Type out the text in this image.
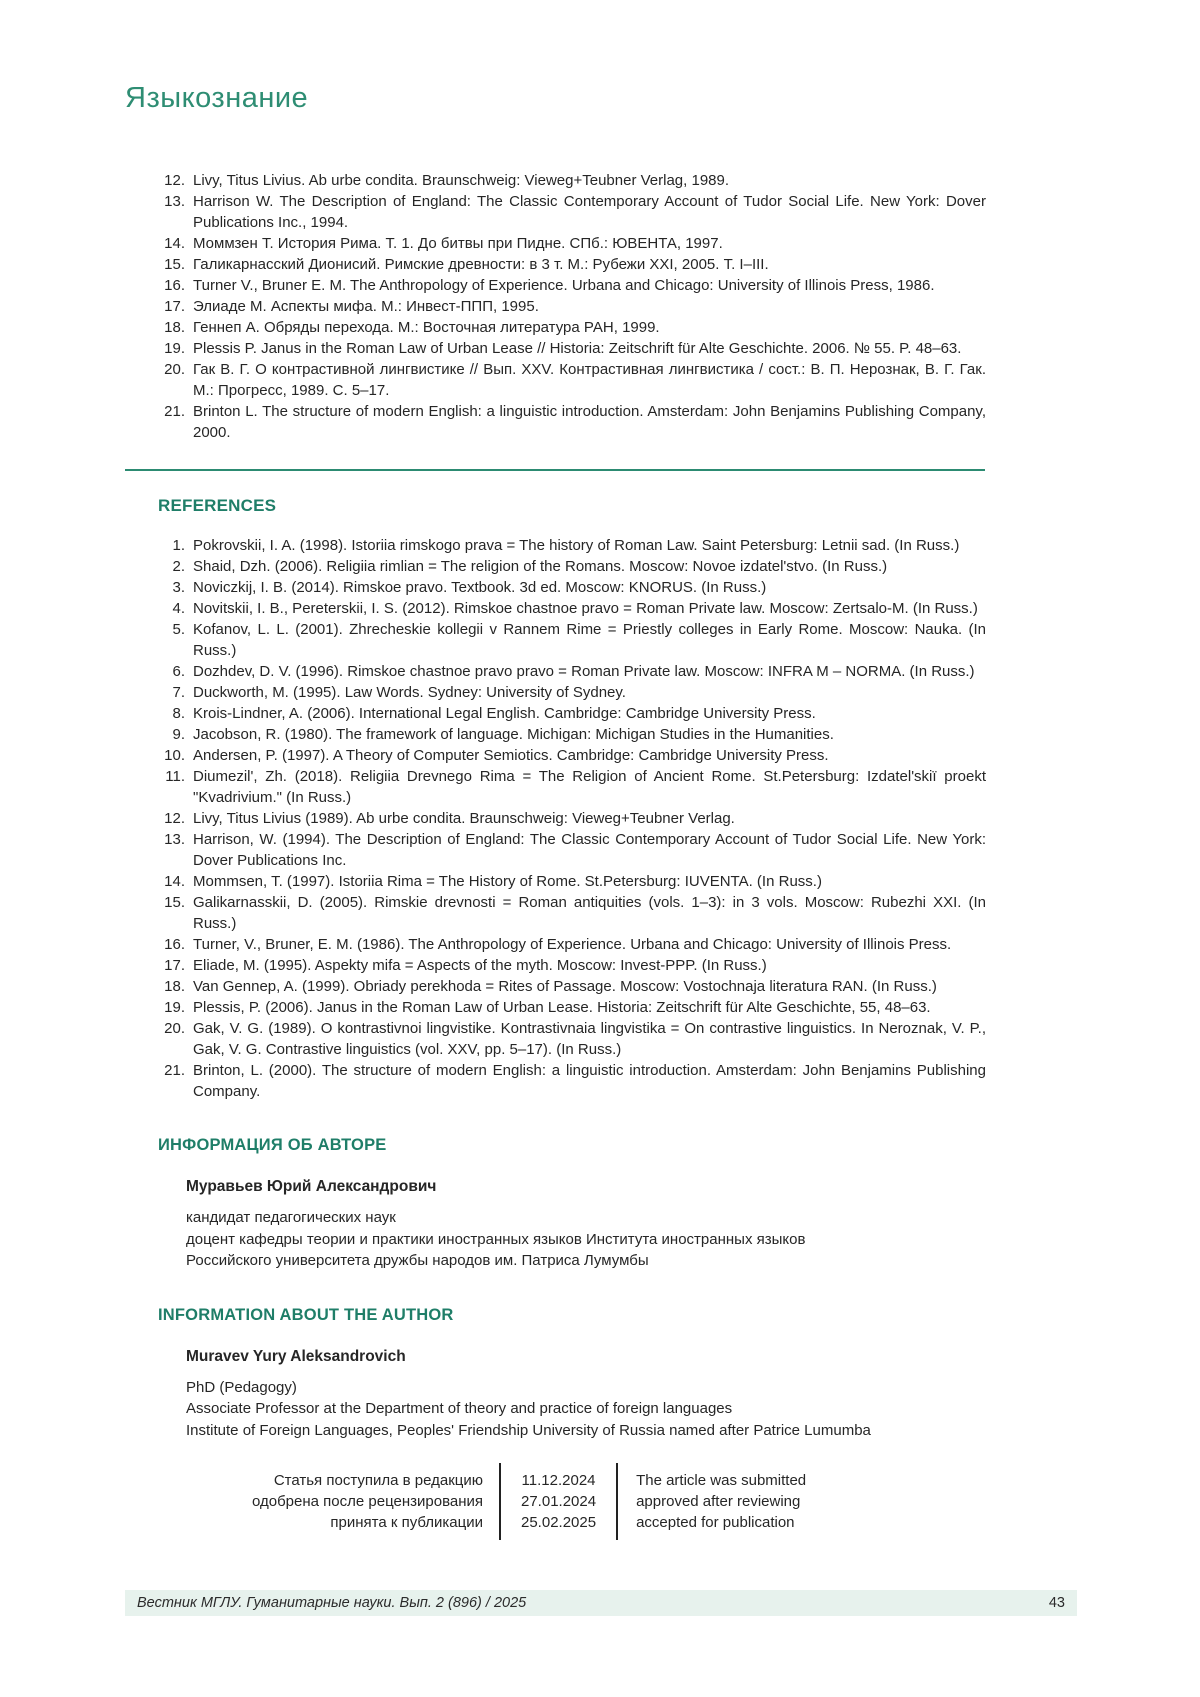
Языкознание
12. Livy, Titus Livius. Ab urbe condita. Braunschweig: Vieweg+Teubner Verlag, 1989.
13. Harrison W. The Description of England: The Classic Contemporary Account of Tudor Social Life. New York: Dover Publications Inc., 1994.
14. Моммзен Т. История Рима. Т. 1. До битвы при Пидне. СПб.: ЮВЕНТА, 1997.
15. Галикарнасский Дионисий. Римские древности: в 3 т. М.: Рубежи XXI, 2005. Т. I–III.
16. Turner V., Bruner E. M. The Anthropology of Experience. Urbana and Chicago: University of Illinois Press, 1986.
17. Элиаде М. Аспекты мифа. М.: Инвест-ППП, 1995.
18. Геннеп А. Обряды перехода. М.: Восточная литература РАН, 1999.
19. Plessis P. Janus in the Roman Law of Urban Lease // Historia: Zeitschrift für Alte Geschichte. 2006. № 55. P. 48–63.
20. Гак В. Г. О контрастивной лингвистике // Вып. XXV. Контрастивная лингвистика / сост.: В. П. Нерознак, В. Г. Гак. М.: Прогресс, 1989. С. 5–17.
21. Brinton L. The structure of modern English: a linguistic introduction. Amsterdam: John Benjamins Publishing Company, 2000.
REFERENCES
1. Pokrovskii, I. A. (1998). Istoriia rimskogo prava = The history of Roman Law. Saint Petersburg: Letnii sad. (In Russ.)
2. Shaid, Dzh. (2006). Religiia rimlian = The religion of the Romans. Moscow: Novoe izdatel'stvo. (In Russ.)
3. Noviczkij, I. B. (2014). Rimskoe pravo. Textbook. 3d ed. Moscow: KNORUS. (In Russ.)
4. Novitskii, I. B., Pereterskii, I. S. (2012). Rimskoe chastnoe pravo = Roman Private law. Moscow: Zertsalo-M. (In Russ.)
5. Kofanov, L. L. (2001). Zhrecheskie kollegii v Rannem Rime = Priestly colleges in Early Rome. Moscow: Nauka. (In Russ.)
6. Dozhdev, D. V. (1996). Rimskoe chastnoe pravo pravo = Roman Private law. Moscow: INFRA M – NORMA. (In Russ.)
7. Duckworth, M. (1995). Law Words. Sydney: University of Sydney.
8. Krois-Lindner, A. (2006). International Legal English. Cambridge: Cambridge University Press.
9. Jacobson, R. (1980). The framework of language. Michigan: Michigan Studies in the Humanities.
10. Andersen, P. (1997). A Theory of Computer Semiotics. Cambridge: Cambridge University Press.
11. Diumezil', Zh. (2018). Religiia Drevnego Rima = The Religion of Ancient Rome. St.Petersburg: Izdatel'skiï proekt "Kvadrivium." (In Russ.)
12. Livy, Titus Livius (1989). Ab urbe condita. Braunschweig: Vieweg+Teubner Verlag.
13. Harrison, W. (1994). The Description of England: The Classic Contemporary Account of Tudor Social Life. New York: Dover Publications Inc.
14. Mommsen, T. (1997). Istoriia Rima = The History of Rome. St.Petersburg: IUVENTA. (In Russ.)
15. Galikarnasskii, D. (2005). Rimskie drevnosti = Roman antiquities (vols. 1–3): in 3 vols. Moscow: Rubezhi XXI. (In Russ.)
16. Turner, V., Bruner, E. M. (1986). The Anthropology of Experience. Urbana and Chicago: University of Illinois Press.
17. Eliade, M. (1995). Aspekty mifa = Aspects of the myth. Moscow: Invest-PPP. (In Russ.)
18. Van Gennep, A. (1999). Obriady perekhoda = Rites of Passage. Moscow: Vostochnaja literatura RAN. (In Russ.)
19. Plessis, P. (2006). Janus in the Roman Law of Urban Lease. Historia: Zeitschrift für Alte Geschichte, 55, 48–63.
20. Gak, V. G. (1989). O kontrastivnoi lingvistike. Kontrastivnaia lingvistika = On contrastive linguistics. In Neroznak, V. P., Gak, V. G. Contrastive linguistics (vol. XXV, pp. 5–17). (In Russ.)
21. Brinton, L. (2000). The structure of modern English: a linguistic introduction. Amsterdam: John Benjamins Publishing Company.
ИНФОРМАЦИЯ ОБ АВТОРЕ
Муравьев Юрий Александрович
кандидат педагогических наук
доцент кафедры теории и практики иностранных языков Института иностранных языков
Российского университета дружбы народов им. Патриса Лумумбы
INFORMATION ABOUT THE AUTHOR
Muravev Yury Aleksandrovich
PhD (Pedagogy)
Associate Professor at the Department of theory and practice of foreign languages
Institute of Foreign Languages, Peoples' Friendship University of Russia named after Patrice Lumumba
Статья поступила в редакцию
одобрена после рецензирования
принята к публикации
11.12.2024
27.01.2024
25.02.2025
The article was submitted
approved after reviewing
accepted for publication
Вестник МГЛУ. Гуманитарные науки. Вып. 2 (896) / 2025	43
